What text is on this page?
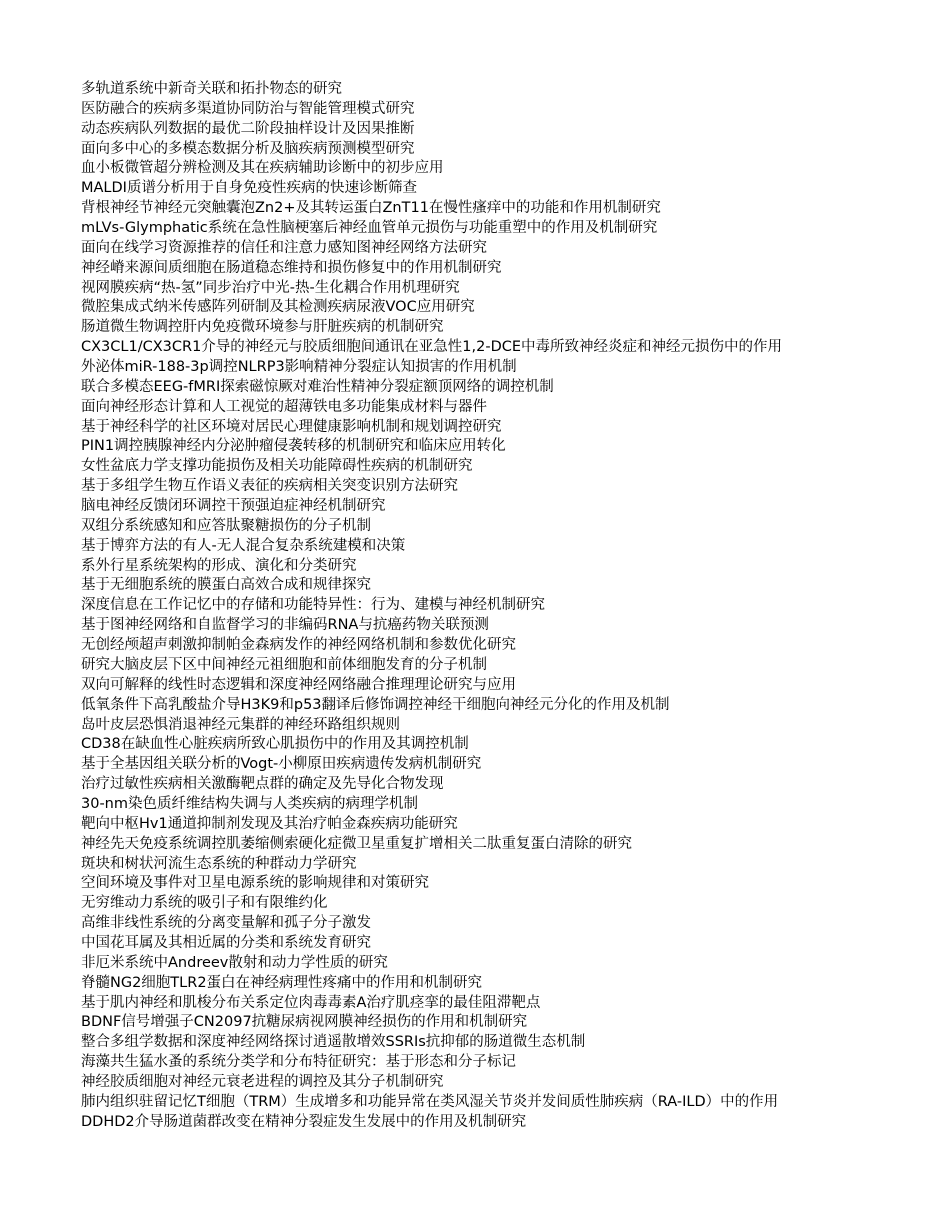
多轨道系统中新奇关联和拓扑物态的研究
医防融合的疾病多渠道协同防治与智能管理模式研究
动态疾病队列数据的最优二阶段抽样设计及因果推断
面向多中心的多模态数据分析及脑疾病预测模型研究
血小板微管超分辨检测及其在疾病辅助诊断中的初步应用
MALDI质谱分析用于自身免疫性疾病的快速诊断筛查
背根神经节神经元突触囊泡Zn2+及其转运蛋白ZnT11在慢性瘙痒中的功能和作用机制研究
mLVs-Glymphatic系统在急性脑梗塞后神经血管单元损伤与功能重塑中的作用及机制研究
面向在线学习资源推荐的信任和注意力感知图神经网络方法研究
神经嵴来源间质细胞在肠道稳态维持和损伤修复中的作用机制研究
视网膜疾病“热-氢”同步治疗中光-热-生化耦合作用机理研究
微腔集成式纳米传感阵列研制及其检测疾病尿液VOC应用研究
肠道微生物调控肝内免疫微环境参与肝脏疾病的机制研究
CX3CL1/CX3CR1介导的神经元与胶质细胞间通讯在亚急性1,2-DCE中毒所致神经炎症和神经元损伤中的作用
外泌体miR-188-3p调控NLRP3影响精神分裂症认知损害的作用机制
联合多模态EEG-fMRI探索磁惊厥对难治性精神分裂症额顶网络的调控机制
面向神经形态计算和人工视觉的超薄铁电多功能集成材料与器件
基于神经科学的社区环境对居民心理健康影响机制和规划调控研究
PIN1调控胰腺神经内分泌肿瘤侵袭转移的机制研究和临床应用转化
女性盆底力学支撑功能损伤及相关功能障碍性疾病的机制研究
基于多组学生物互作语义表征的疾病相关突变识别方法研究
脑电神经反馈闭环调控干预强迫症神经机制研究
双组分系统感知和应答肽聚糖损伤的分子机制
基于博弈方法的有人-无人混合复杂系统建模和决策
系外行星系统架构的形成、演化和分类研究
基于无细胞系统的膜蛋白高效合成和规律探究
深度信息在工作记忆中的存储和功能特异性：行为、建模与神经机制研究
基于图神经网络和自监督学习的非编码RNA与抗癌药物关联预测
无创经颅超声刺激抑制帕金森病发作的神经网络机制和参数优化研究
研究大脑皮层下区中间神经元祖细胞和前体细胞发育的分子机制
双向可解释的线性时态逻辑和深度神经网络融合推理理论研究与应用
低氧条件下高乳酸盐介导H3K9和p53翻译后修饰调控神经干细胞向神经元分化的作用及机制
岛叶皮层恐惧消退神经元集群的神经环路组织规则
CD38在缺血性心脏疾病所致心肌损伤中的作用及其调控机制
基于全基因组关联分析的Vogt-小柳原田疾病遗传发病机制研究
治疗过敏性疾病相关激酶靶点群的确定及先导化合物发现
30-nm染色质纤维结构失调与人类疾病的病理学机制
靶向中枢Hv1通道抑制剂发现及其治疗帕金森疾病功能研究
神经先天免疫系统调控肌萎缩侧索硬化症微卫星重复扩增相关二肽重复蛋白清除的研究
斑块和树状河流生态系统的种群动力学研究
空间环境及事件对卫星电源系统的影响规律和对策研究
无穷维动力系统的吸引子和有限维约化
高维非线性系统的分离变量解和孤子分子激发
中国花耳属及其相近属的分类和系统发育研究
非厄米系统中Andreev散射和动力学性质的研究
脊髓NG2细胞TLR2蛋白在神经病理性疼痛中的作用和机制研究
基于肌内神经和肌梭分布关系定位肉毒毒素A治疗肌痉挛的最佳阻滞靶点
BDNF信号增强子CN2097抗糖尿病视网膜神经损伤的作用和机制研究
整合多组学数据和深度神经网络探讨逍遥散增效SSRIs抗抑郁的肠道微生态机制
海藻共生猛水蚤的系统分类学和分布特征研究：基于形态和分子标记
神经胶质细胞对神经元衰老进程的调控及其分子机制研究
肺内组织驻留记忆T细胞（TRM）生成增多和功能异常在类风湿关节炎并发间质性肺疾病（RA-ILD）中的作用
DDHD2介导肠道菌群改变在精神分裂症发生发展中的作用及机制研究
